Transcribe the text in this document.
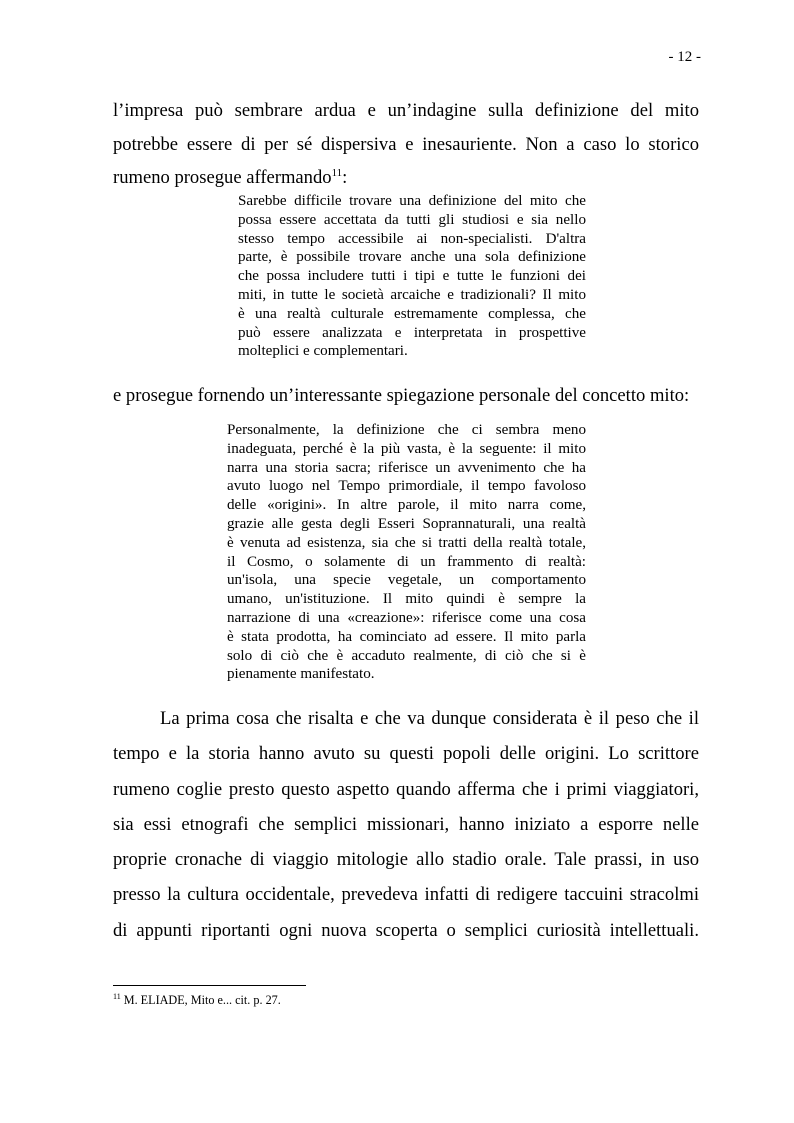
- 12 -
l’impresa può sembrare ardua e un’indagine sulla definizione del mito
potrebbe essere di per sé dispersiva e inesauriente. Non a caso lo storico
rumeno prosegue affermando$^{11}$:
Sarebbe difficile trovare una definizione del mito che
possa essere accettata da tutti gli studiosi e sia nello
stesso tempo accessibile ai non-specialisti. D'altra
parte, è possibile trovare anche una sola definizione
che possa includere tutti i tipi e tutte le funzioni dei
miti, in tutte le società arcaiche e tradizionali? Il mito
è una realtà culturale estremamente complessa, che
può essere analizzata e interpretata in prospettive
molteplici e complementari.
e prosegue fornendo un’interessante spiegazione personale del concetto mito:
Personalmente, la definizione che ci sembra meno
inadeguata, perché è la più vasta, è la seguente: il mito
narra una storia sacra; riferisce un avvenimento che ha
avuto luogo nel Tempo primordiale, il tempo favoloso
delle «origini». In altre parole, il mito narra come,
grazie alle gesta degli Esseri Soprannaturali, una realtà
è venuta ad esistenza, sia che si tratti della realtà totale,
il Cosmo, o solamente di un frammento di realtà:
un'isola, una specie vegetale, un comportamento
umano, un'istituzione. Il mito quindi è sempre la
narrazione di una «creazione»: riferisce come una cosa
è stata prodotta, ha cominciato ad essere. Il mito parla
solo di ciò che è accaduto realmente, di ciò che si è
pienamente manifestato.
La prima cosa che risalta e che va dunque considerata è il peso che il
tempo e la storia hanno avuto su questi popoli delle origini. Lo scrittore
rumeno coglie presto questo aspetto quando afferma che i primi viaggiatori,
sia essi etnografi che semplici missionari, hanno iniziato a esporre nelle
proprie cronache di viaggio mitologie allo stadio orale. Tale prassi, in uso
presso la cultura occidentale, prevedeva infatti di redigere taccuini stracolmi
di appunti riportanti ogni nuova scoperta o semplici curiosità intellettuali.
$^{11}$ M. ELIADE, Mito e... cit. p. 27.
